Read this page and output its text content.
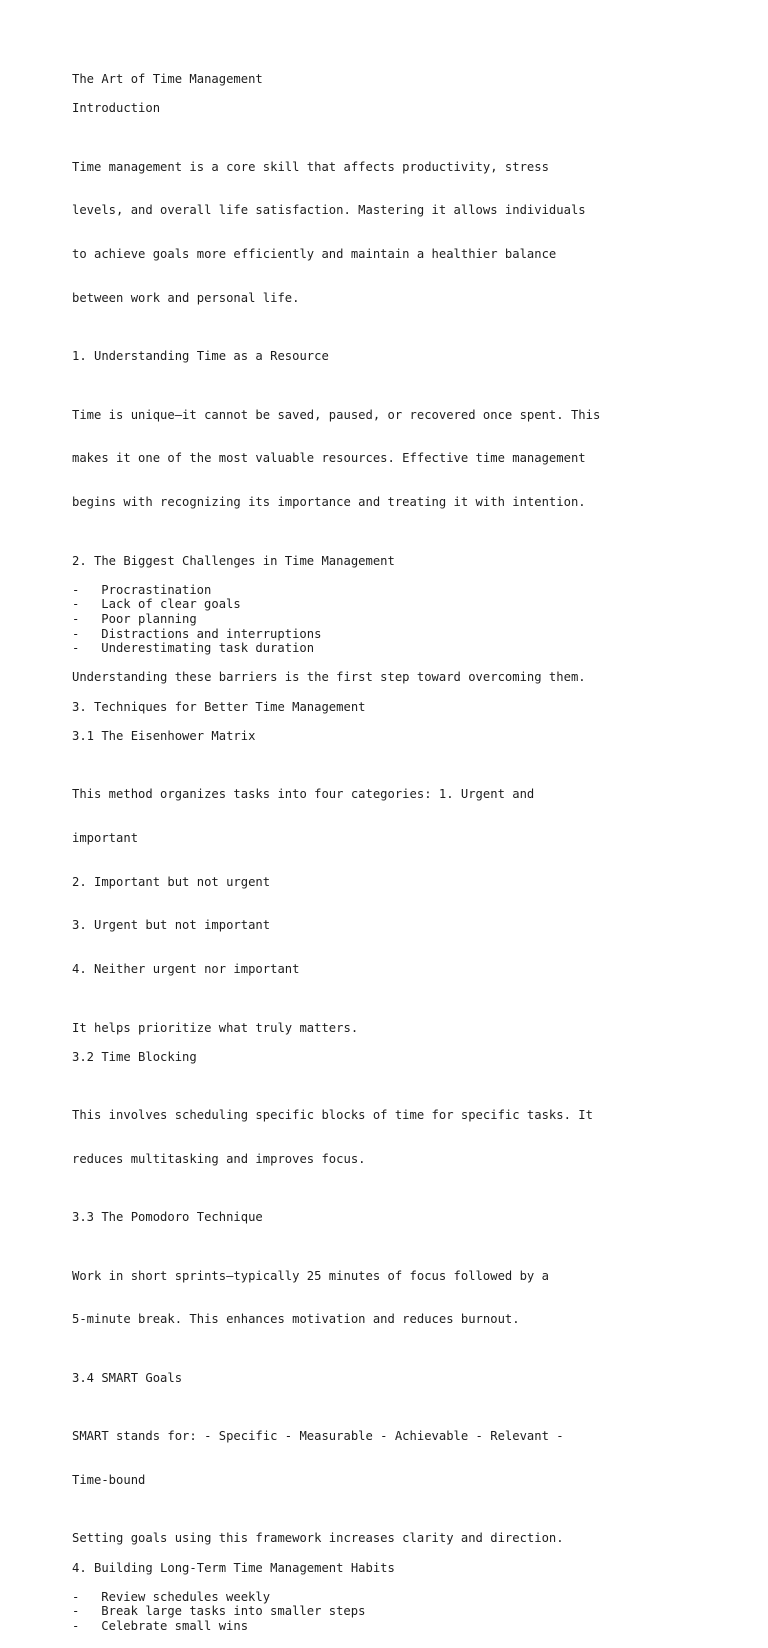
The Art of Time Management
Introduction

Time management is a core skill that affects productivity, stress

levels, and overall life satisfaction. Mastering it allows individuals

to achieve goals more efficiently and maintain a healthier balance

between work and personal life.

1. Understanding Time as a Resource

Time is unique—it cannot be saved, paused, or recovered once spent. This

makes it one of the most valuable resources. Effective time management

begins with recognizing its importance and treating it with intention.

2. The Biggest Challenges in Time Management
-	Procrastination
-	Lack of clear goals
-	Poor planning
-	Distractions and interruptions
-	Underestimating task duration
Understanding these barriers is the first step toward overcoming them.
3. Techniques for Better Time Management
3.1 The Eisenhower Matrix

This method organizes tasks into four categories: 1. Urgent and

important

2. Important but not urgent

3. Urgent but not important

4. Neither urgent nor important

It helps prioritize what truly matters.
3.2 Time Blocking

This involves scheduling specific blocks of time for specific tasks. It

reduces multitasking and improves focus.

3.3 The Pomodoro Technique

Work in short sprints—typically 25 minutes of focus followed by a

5-minute break. This enhances motivation and reduces burnout.

3.4 SMART Goals

SMART stands for: - Specific - Measurable - Achievable - Relevant -

Time-bound

Setting goals using this framework increases clarity and direction.
4. Building Long-Term Time Management Habits
-	Review schedules weekly
-	Break large tasks into smaller steps
-	Celebrate small wins
